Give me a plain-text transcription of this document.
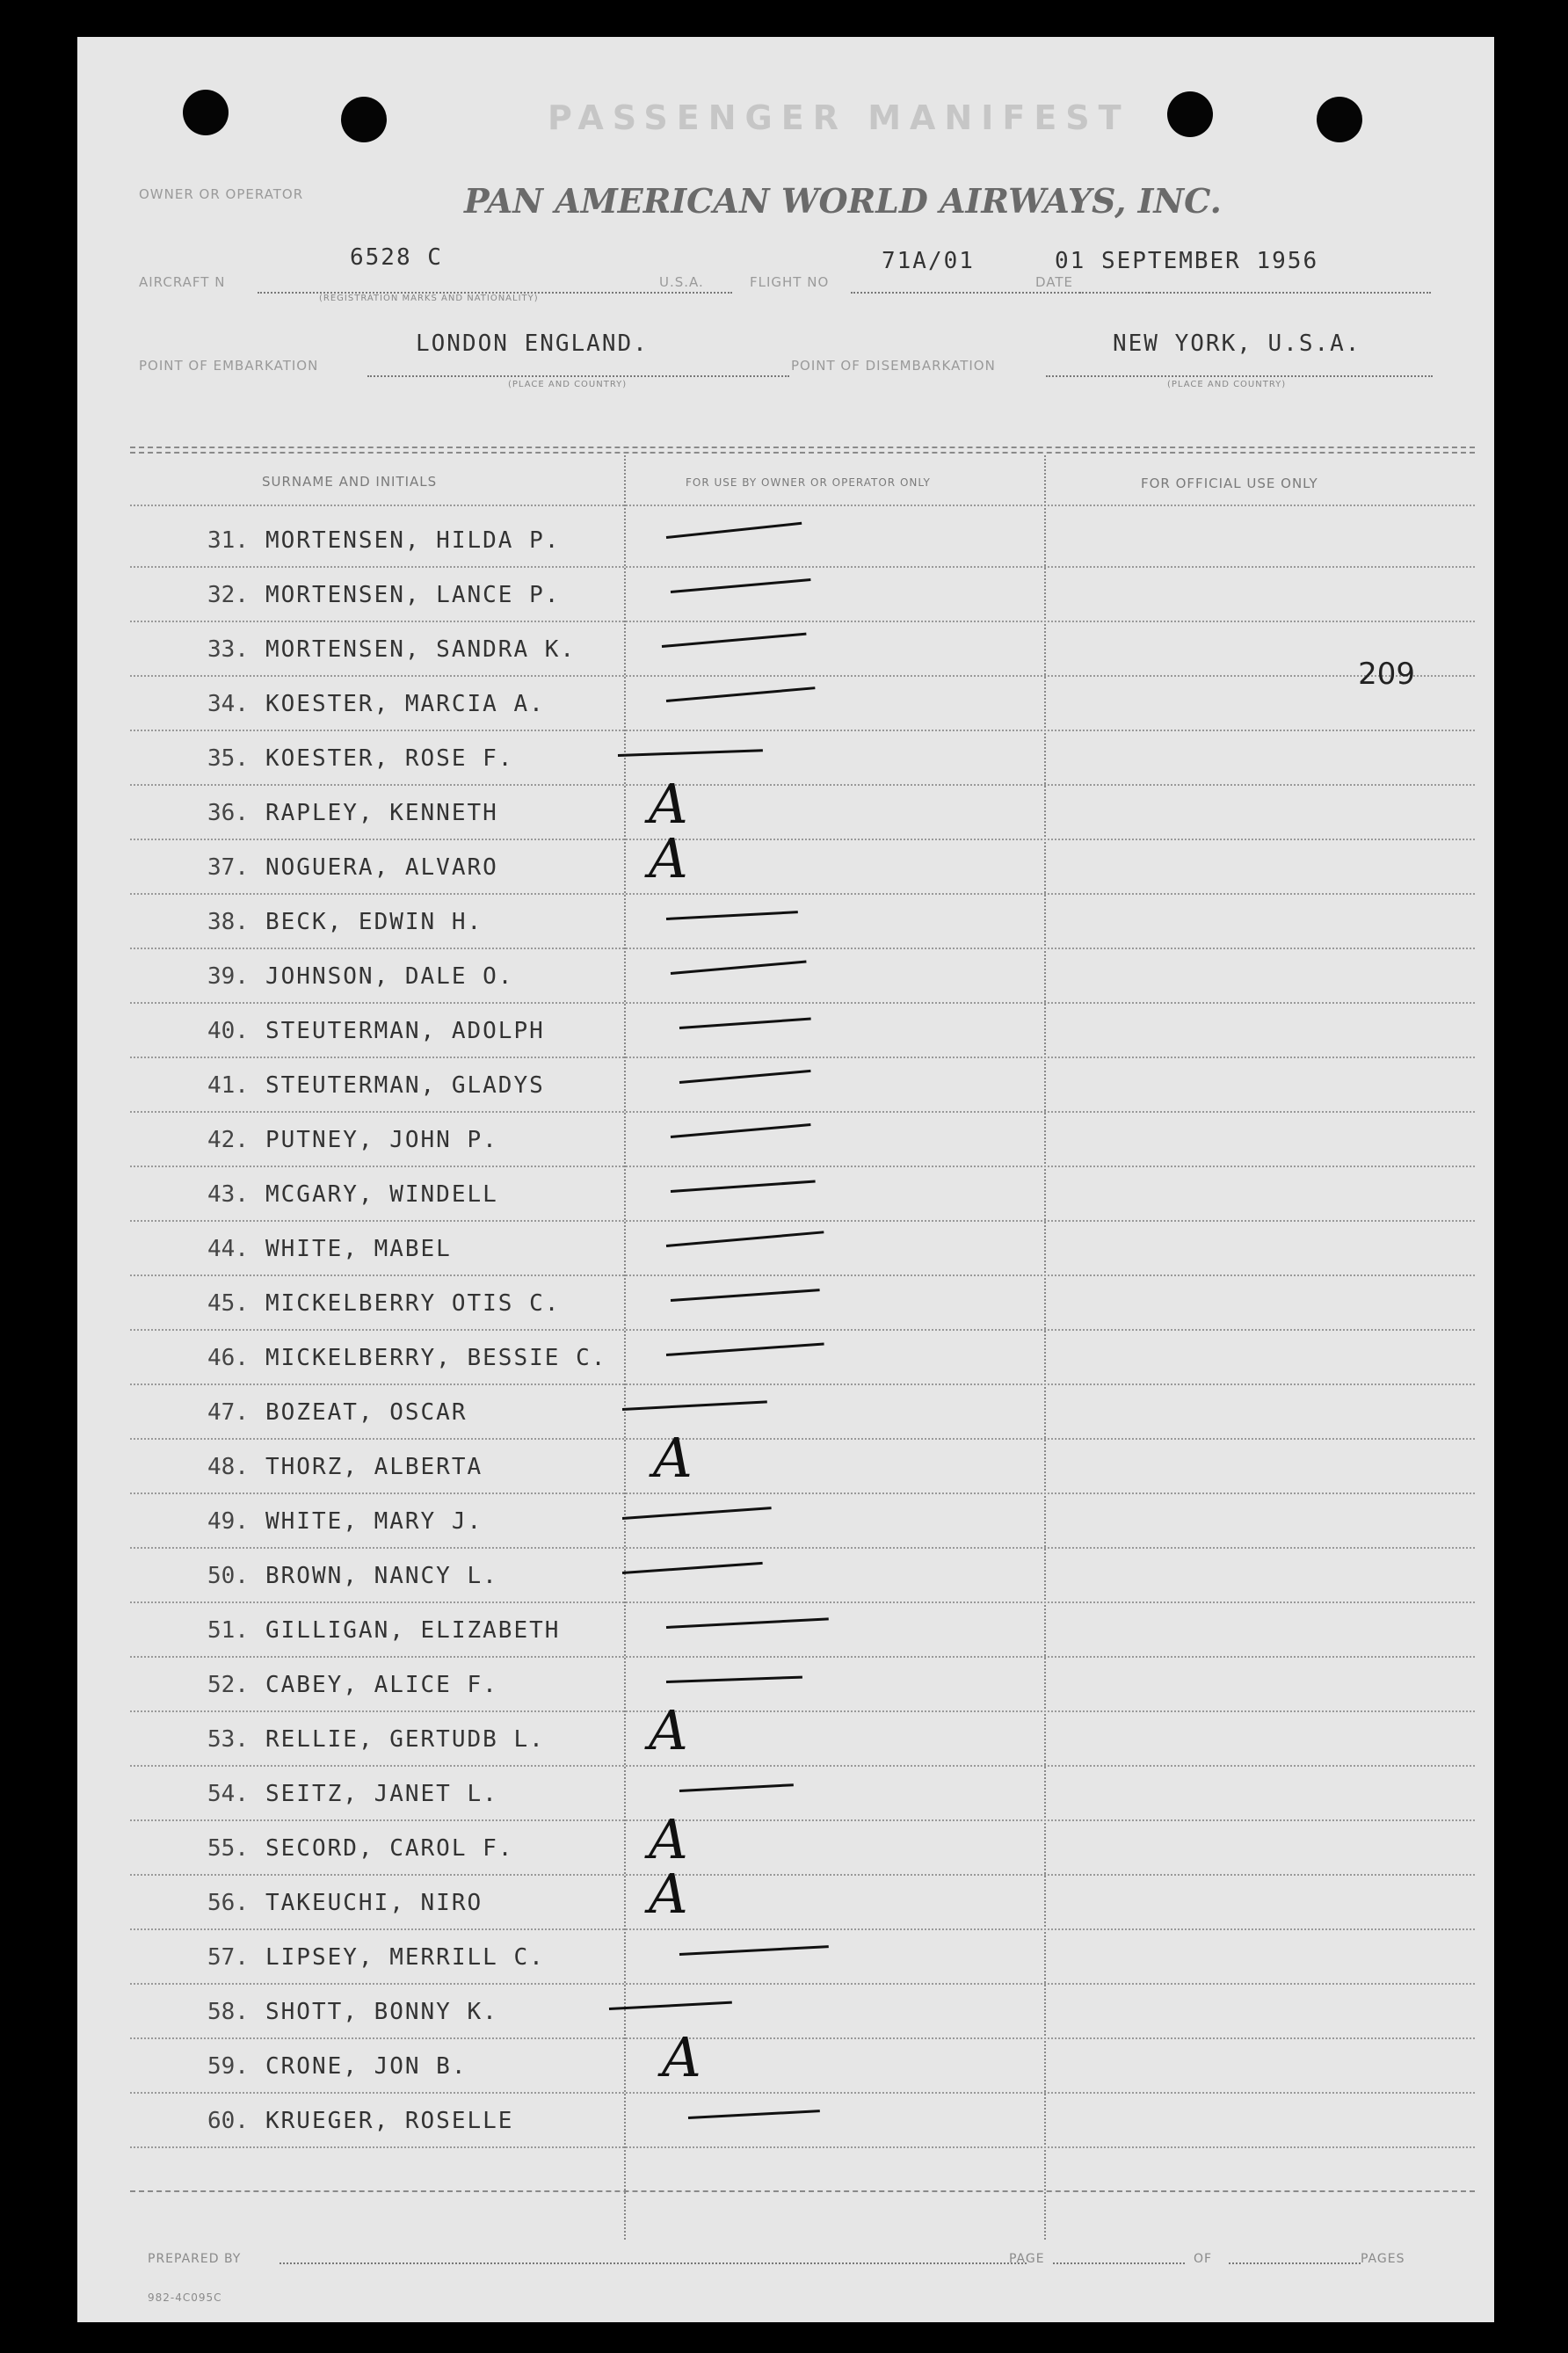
PASSENGER MANIFEST
OWNER OR OPERATOR	PAN AMERICAN WORLD AIRWAYS, INC.
AIRCRAFT N
6528 C
(REGISTRATION MARKS AND NATIONALITY)
U.S.A.	FLIGHT NO
71A/01
DATE
01 SEPTEMBER 1956
POINT OF EMBARKATION
LONDON ENGLAND.
(PLACE AND COUNTRY)
POINT OF DISEMBARKATION
NEW YORK, U.S.A.
(PLACE AND COUNTRY)
SURNAME AND INITIALS	FOR USE BY OWNER OR OPERATOR ONLY	FOR OFFICIAL USE ONLY
31. MORTENSEN, HILDA P.
32. MORTENSEN, LANCE P.
33. MORTENSEN, SANDRA K.
34. KOESTER, MARCIA A.
35. KOESTER, ROSE F.
36. RAPLEY, KENNETH	A
37. NOGUERA, ALVARO	A
38. BECK, EDWIN H.
39. JOHNSON, DALE O.
40. STEUTERMAN, ADOLPH
41. STEUTERMAN, GLADYS
42. PUTNEY, JOHN P.
43. MCGARY, WINDELL
44. WHITE, MABEL
45. MICKELBERRY OTIS C.
46. MICKELBERRY, BESSIE C.
47. BOZEAT, OSCAR
48. THORZ, ALBERTA	A
49. WHITE, MARY J.
50. BROWN, NANCY L.
51. GILLIGAN, ELIZABETH
52. CABEY, ALICE F.
53. RELLIE, GERTUDB L. A
54. SEITZ, JANET L.
55. SECORD, CAROL F. A
56. TAKEUCHI, NIRO	A
57. LIPSEY, MERRILL C.
58. SHOTT, BONNY K.
59. CRONE, JON B.	A
60. KRUEGER, ROSELLE
209
PREPARED BY	PAGE	OF	PAGES
982-4C095C
